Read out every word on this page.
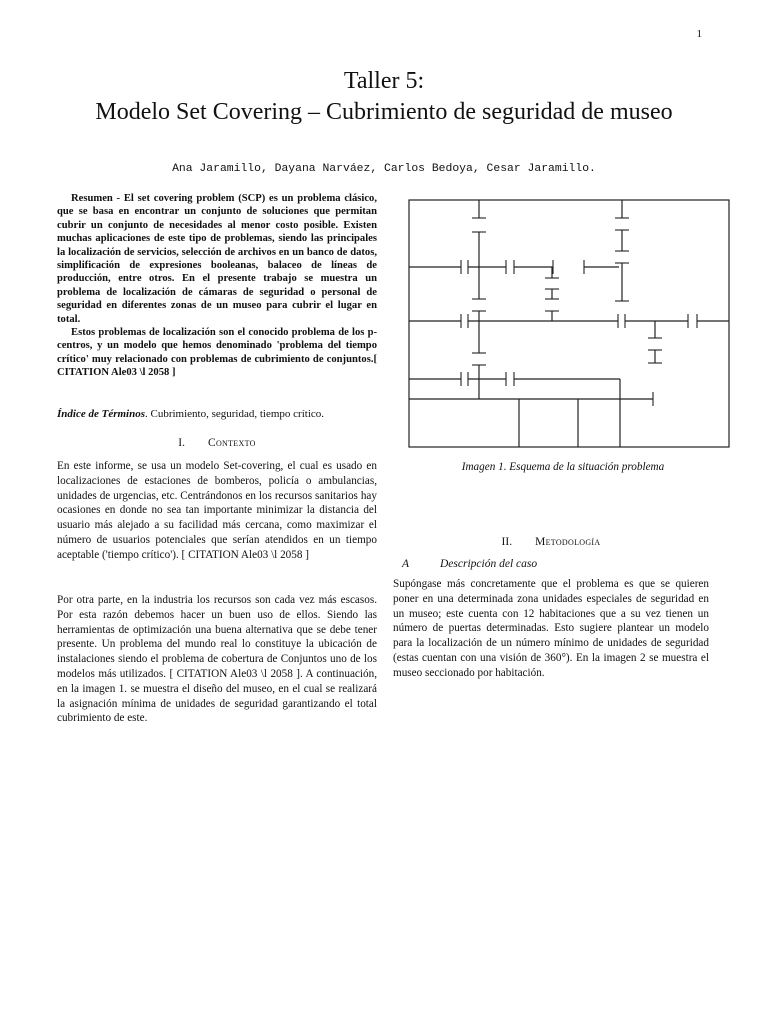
1
Taller 5:
Modelo Set Covering – Cubrimiento de seguridad de museo
Ana Jaramillo, Dayana Narváez, Carlos Bedoya, Cesar Jaramillo.

Resumen - El set covering problem (SCP) es un problema clásico, que se basa en encontrar un conjunto de soluciones que permitan cubrir un conjunto de necesidades al menor costo posible. Existen muchas aplicaciones de este tipo de problemas, siendo las principales la localización de servicios, selección de archivos en un banco de datos, simplificación de expresiones booleanas, balaceo de líneas de producción, entre otros. En el presente trabajo se muestra un problema de localización de cámaras de seguridad o personal de seguridad en diferentes zonas de un museo para cubrir el lugar en total.

Estos problemas de localización son el conocido problema de los p-centros, y un modelo que hemos denominado 'problema del tiempo crítico' muy relacionado con problemas de cubrimiento de conjuntos.[ CITATION Ale03 \l 2058 ]

Índice de Términos. Cubrimiento, seguridad, tiempo crítico.
I. Contexto
En este informe, se usa un modelo Set-covering, el cual es usado en localizaciones de estaciones de bomberos, policía o ambulancias, unidades de urgencias, etc. Centrándonos en los recursos sanitarios hay ocasiones en donde no sea tan importante minimizar la distancia del usuario más alejado a su facilidad más cercana, como maximizar el número de usuarios potenciales que serían atendidos en un tiempo aceptable ('tiempo crítico'). [ CITATION Ale03 \l 2058 ]
Por otra parte, en la industria los recursos son cada vez más escasos. Por esta razón debemos hacer un buen uso de ellos. Siendo las herramientas de optimización una buena alternativa que se debe tener presente. Un problema del mundo real lo constituye la ubicación de instalaciones siendo el problema de cobertura de Conjuntos uno de los modelos más utilizados. [ CITATION Ale03 \l 2058 ]. A continuación, en la imagen 1. se muestra el diseño del museo, en el cual se realizará la asignación mínima de unidades de seguridad garantizando el total cubrimiento de este.
Imagen 1. Esquema de la situación problema
II. Metodología
A	Descripción del caso
Supóngase más concretamente que el problema es que se quieren poner en una determinada zona unidades especiales de seguridad en un museo; este cuenta con 12 habitaciones que a su vez tienen un número de puertas determinadas. Esto sugiere plantear un modelo para la localización de un número mínimo de unidades de seguridad (estas cuentan con una visión de 360°). En la imagen 2 se muestra el museo seccionado por habitación.
